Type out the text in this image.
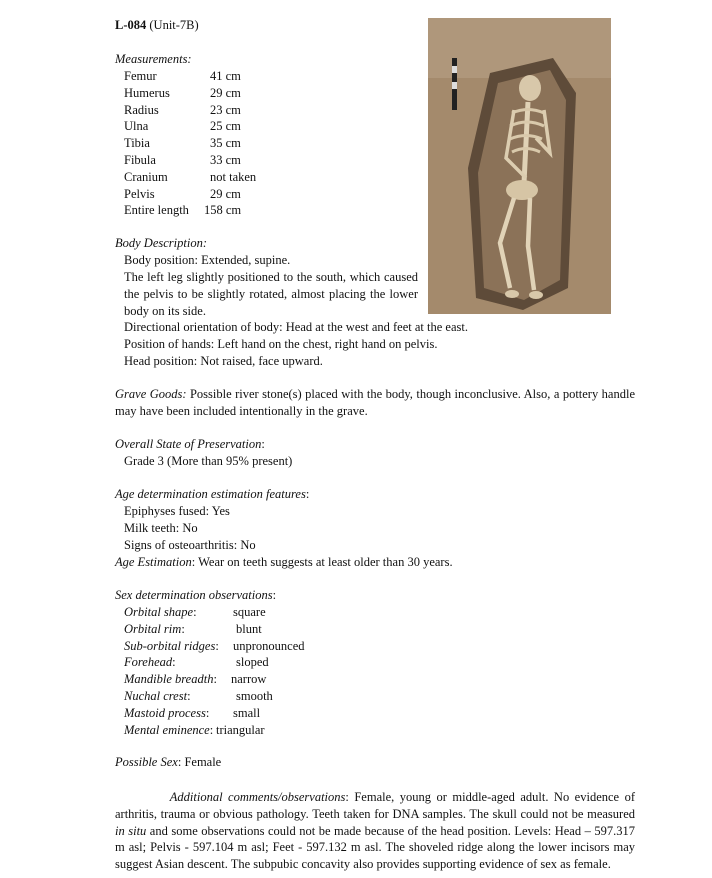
L-084 (Unit-7B)
Measurements:
Femur	41 cm
Humerus	29 cm
Radius	23 cm
Ulna	25 cm
Tibia	35 cm
Fibula	33 cm
Cranium	not taken
Pelvis	29 cm
Entire length 158 cm
Body Description:
Body position: Extended, supine.
The left leg slightly positioned to the south, which caused the pelvis to be slightly rotated, almost placing the lower body on its side.
Directional orientation of body: Head at the west and feet at the east.
Position of hands: Left hand on the chest, right hand on pelvis.
Head position: Not raised, face upward.
Grave Goods: Possible river stone(s) placed with the body, though inconclusive. Also, a pottery handle may have been included intentionally in the grave.
Overall State of Preservation:
Grade 3 (More than 95% present)
Age determination estimation features:
Epiphyses fused: Yes
Milk teeth: No
Signs of osteoarthritis: No
Age Estimation: Wear on teeth suggests at least older than 30 years.
Sex determination observations:
Orbital shape:	square
Orbital rim:	blunt
Sub-orbital ridges: unpronounced
Forehead:	sloped
Mandible breadth: narrow
Nuchal crest:	smooth
Mastoid process: small
Mental eminence: triangular
Possible Sex: Female
Additional comments/observations: Female, young or middle-aged adult. No evidence of arthritis, trauma or obvious pathology. Teeth taken for DNA samples. The skull could not be measured in situ and some observations could not be made because of the head position. Levels: Head – 597.317 m asl; Pelvis - 597.104 m asl; Feet - 597.132 m asl. The shoveled ridge along the lower incisors may suggest Asian descent. The subpubic concavity also provides supporting evidence of sex as female.
